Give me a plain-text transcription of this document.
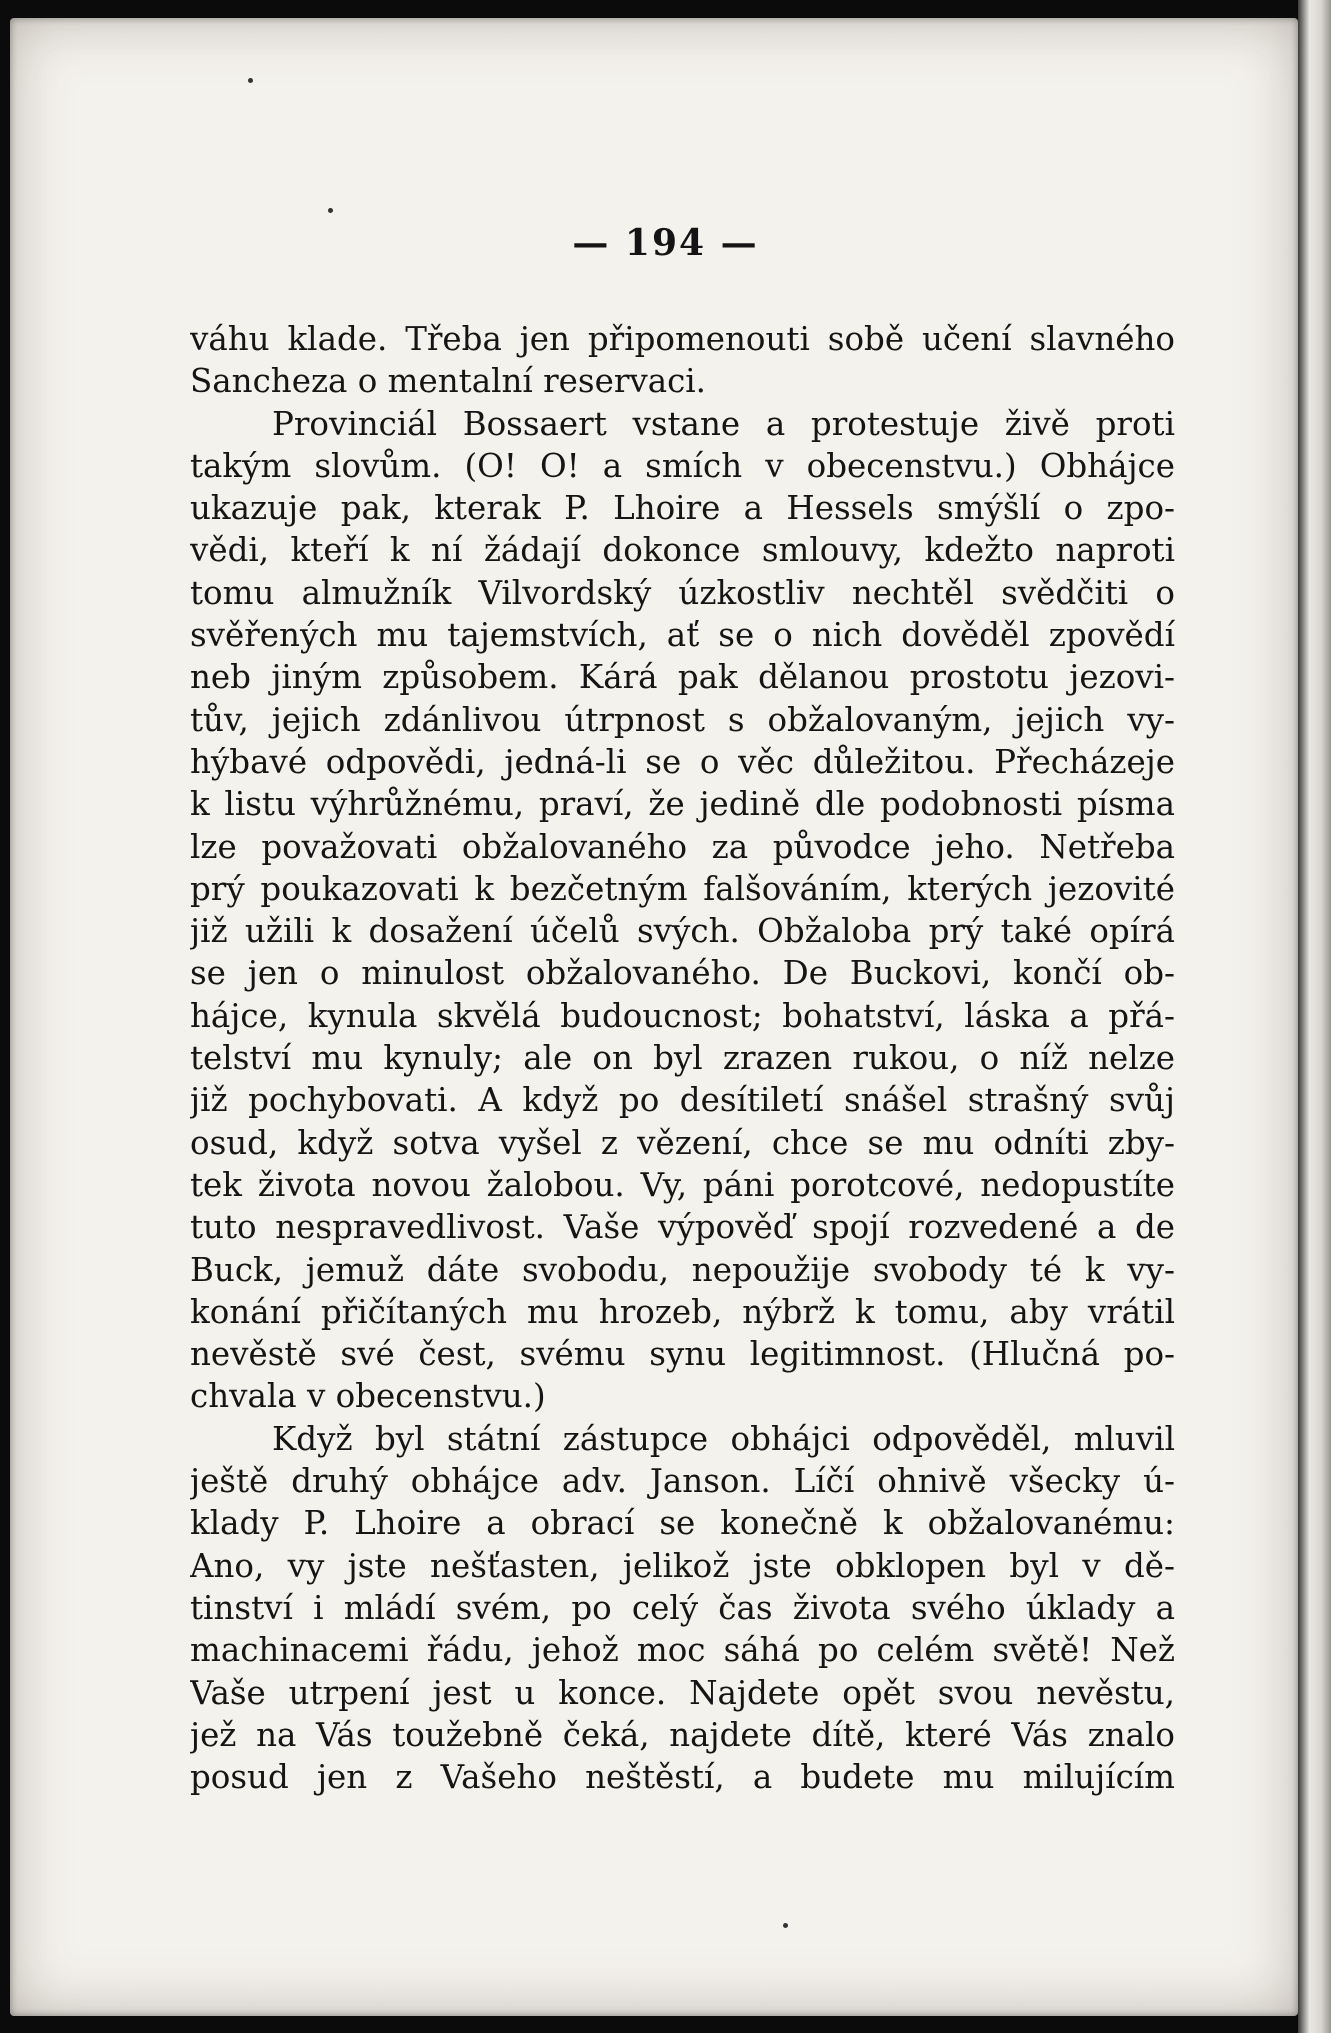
— 194 —
váhu klade. Třeba jen připomenouti sobě učení slavného
Sancheza o mentalní reservaci.
Provinciál Bossaert vstane a protestuje živě proti
takým slovům. (O! O! a smích v obecenstvu.) Obhájce
ukazuje pak, kterak P. Lhoire a Hessels smýšlí o zpo-
vědi, kteří k ní žádají dokonce smlouvy, kdežto naproti
tomu almužník Vilvordský úzkostliv nechtěl svědčiti o
svěřených mu tajemstvích, ať se o nich dověděl zpovědí
neb jiným způsobem. Kárá pak dělanou prostotu jezovi-
tův, jejich zdánlivou útrpnost s obžalovaným, jejich vy-
hýbavé odpovědi, jedná-li se o věc důležitou. Přecházeje
k listu výhrůžnému, praví, že jedině dle podobnosti písma
lze považovati obžalovaného za původce jeho. Netřeba
prý poukazovati k bezčetným falšováním, kterých jezovité
již užili k dosažení účelů svých. Obžaloba prý také opírá
se jen o minulost obžalovaného. De Buckovi, končí ob-
hájce, kynula skvělá budoucnost; bohatství, láska a přá-
telství mu kynuly; ale on byl zrazen rukou, o níž nelze
již pochybovati. A když po desítiletí snášel strašný svůj
osud, když sotva vyšel z vězení, chce se mu odníti zby-
tek života novou žalobou. Vy, páni porotcové, nedopustíte
tuto nespravedlivost. Vaše výpověď spojí rozvedené a de
Buck, jemuž dáte svobodu, nepoužije svobody té k vy-
konání přičítaných mu hrozeb, nýbrž k tomu, aby vrátil
nevěstě své čest, svému synu legitimnost. (Hlučná po-
chvala v obecenstvu.)
Když byl státní zástupce obhájci odpověděl, mluvil
ještě druhý obhájce adv. Janson. Líčí ohnivě všecky ú-
klady P. Lhoire a obrací se konečně k obžalovanému:
Ano, vy jste nešťasten, jelikož jste obklopen byl v dě-
tinství i mládí svém, po celý čas života svého úklady a
machinacemi řádu, jehož moc sáhá po celém světě! Než
Vaše utrpení jest u konce. Najdete opět svou nevěstu,
jež na Vás toužebně čeká, najdete dítě, které Vás znalo
posud jen z Vašeho neštěstí, a budete mu milujícím
